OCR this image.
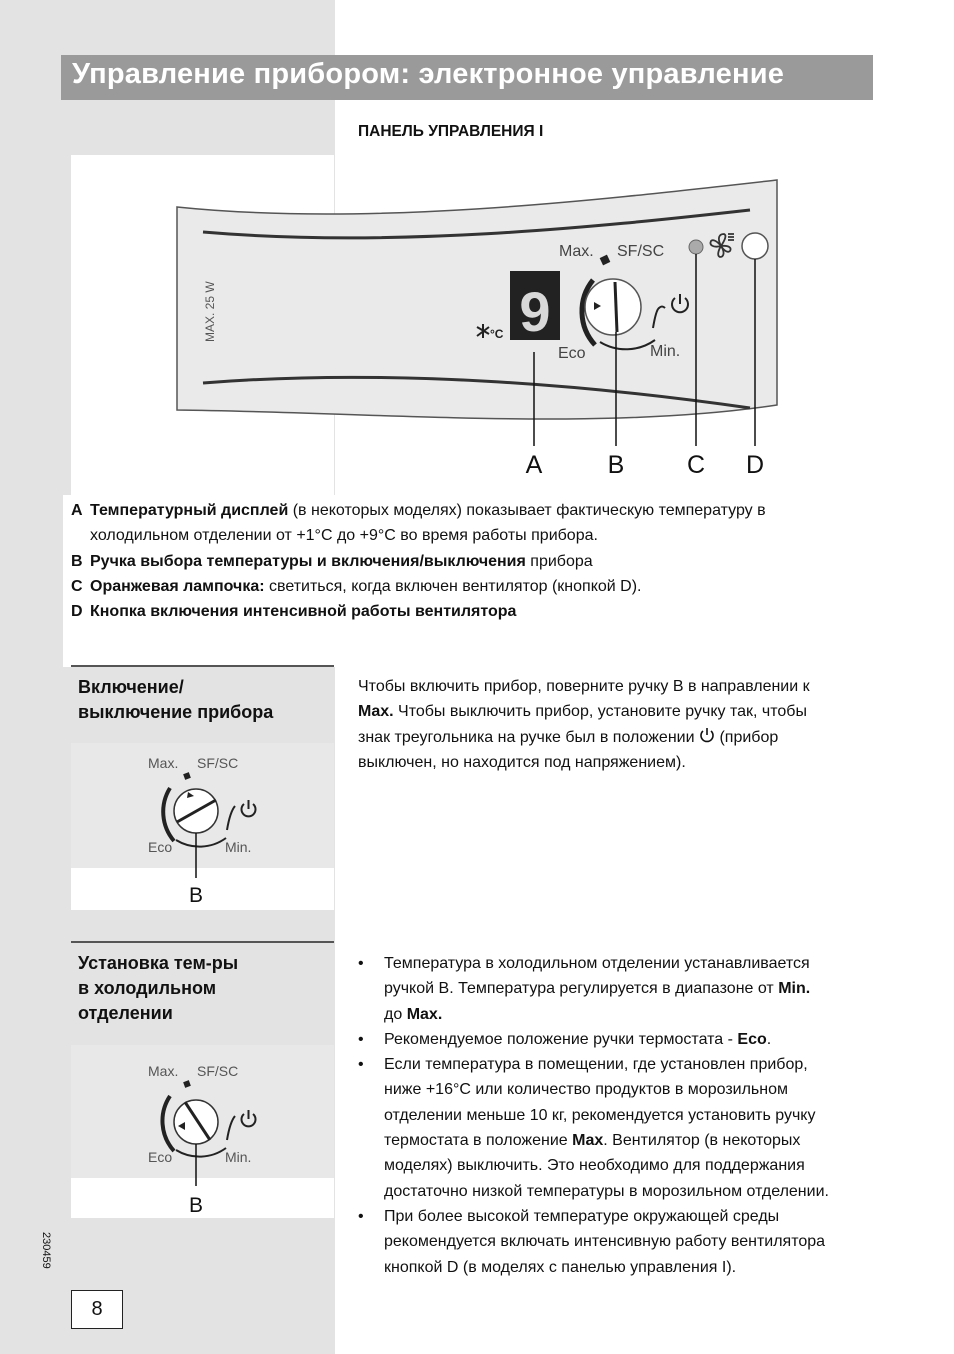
Управление прибором: электронное управление
ПАНЕЛЬ УПРАВЛЕНИЯ I
MAX. 25 W	°C 9
Max. SF/SC
Eco	Min.
A	B	C D
A Температурный дисплей (в некоторых моделях) показывает фактическую температуру в
холодильном отделении от +1°C до +9°C во время работы прибора.
B Ручка выбора температуры и включения/выключения прибора
C Оранжевая лампочка: светиться, когда включен вентилятор (кнопкой D).
D Кнопка включения интенсивной работы вентилятора
Включение/
выключение прибора
Max. SF/SC
Eco	Min.
B
Чтобы включить прибор, поверните ручку B в направлении к
Max. Чтобы выключить прибор, установите ручку так, чтобы
знак треугольника на ручке был в положении  (прибор
выключен, но находится под напряжением).
Установка тем-ры
в холодильном
отделении
Max. SF/SC
Eco	Min.
B
• Температура в холодильном отделении устанавливается
ручкой B. Температура регулируется в диапазоне от Min.
до Max.
• Рекомендуемое положение ручки термостата - Eco.
• Если температура в помещении, где установлен прибор,
ниже +16°C или количество продуктов в морозильном
отделении меньше 10 кг, рекомендуется установить ручку
термостата в положение Max. Вентилятор (в некоторых
моделях) выключить. Это необходимо для поддержания
достаточно низкой температуры в морозильном отделении.
• При более высокой температуре окружающей среды
рекомендуется включать интенсивную работу вентилятора
кнопкой D (в моделях с панелью управления I).
230459
8
